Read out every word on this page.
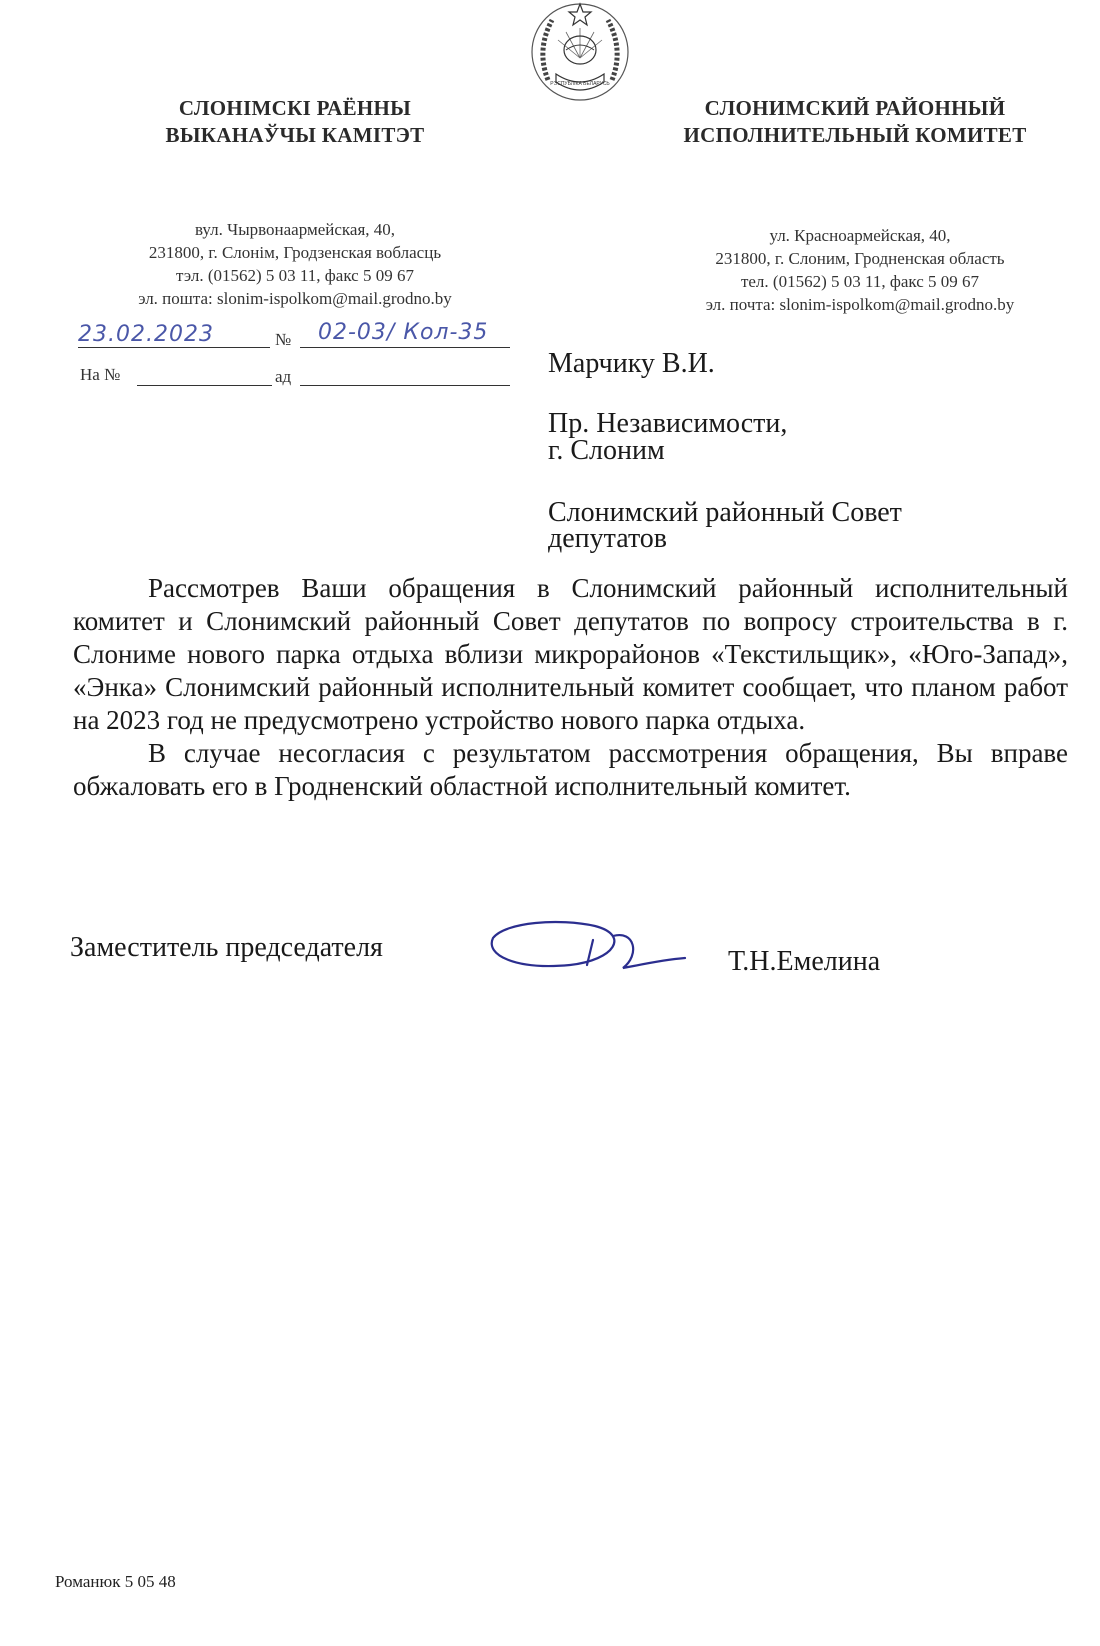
РЭСПУБЛІКА БЕЛАРУСЬ
СЛОНІМСКІ РАЁННЫ
ВЫКАНАЎЧЫ КАМІТЭТ
СЛОНИМСКИЙ РАЙОННЫЙ
ИСПОЛНИТЕЛЬНЫЙ КОМИТЕТ
вул. Чырвонаармейская, 40,
231800, г. Слонім, Гродзенская вобласць
тэл. (01562) 5 03 11, факс 5 09 67
эл. пошта: slonim-ispolkom@mail.grodno.by
ул. Красноармейская, 40,
231800, г. Слоним, Гродненская область
тел. (01562) 5 03 11, факс 5 09 67
эл. почта: slonim-ispolkom@mail.grodno.by
23.02.2023	№ 02-03/ Кол-35
На №	ад	Марчику В.И.
Пр. Независимости,
г. Слоним
Слонимский районный Совет
депутатов

Рассмотрев Ваши обращения в Слонимский районный исполнительный комитет и Слонимский районный Совет депутатов по вопросу строительства в г. Слониме нового парка отдыха вблизи микрорайонов «Текстильщик», «Юго-Запад», «Энка» Слонимский районный исполнительный комитет сообщает, что планом работ на 2023 год не предусмотрено устройство нового парка отдыха.

В случае несогласия с результатом рассмотрения обращения, Вы вправе обжаловать его в Гродненский областной исполнительный комитет.

Заместитель председателя	Т.Н.Емелина
Романюк 5 05 48
